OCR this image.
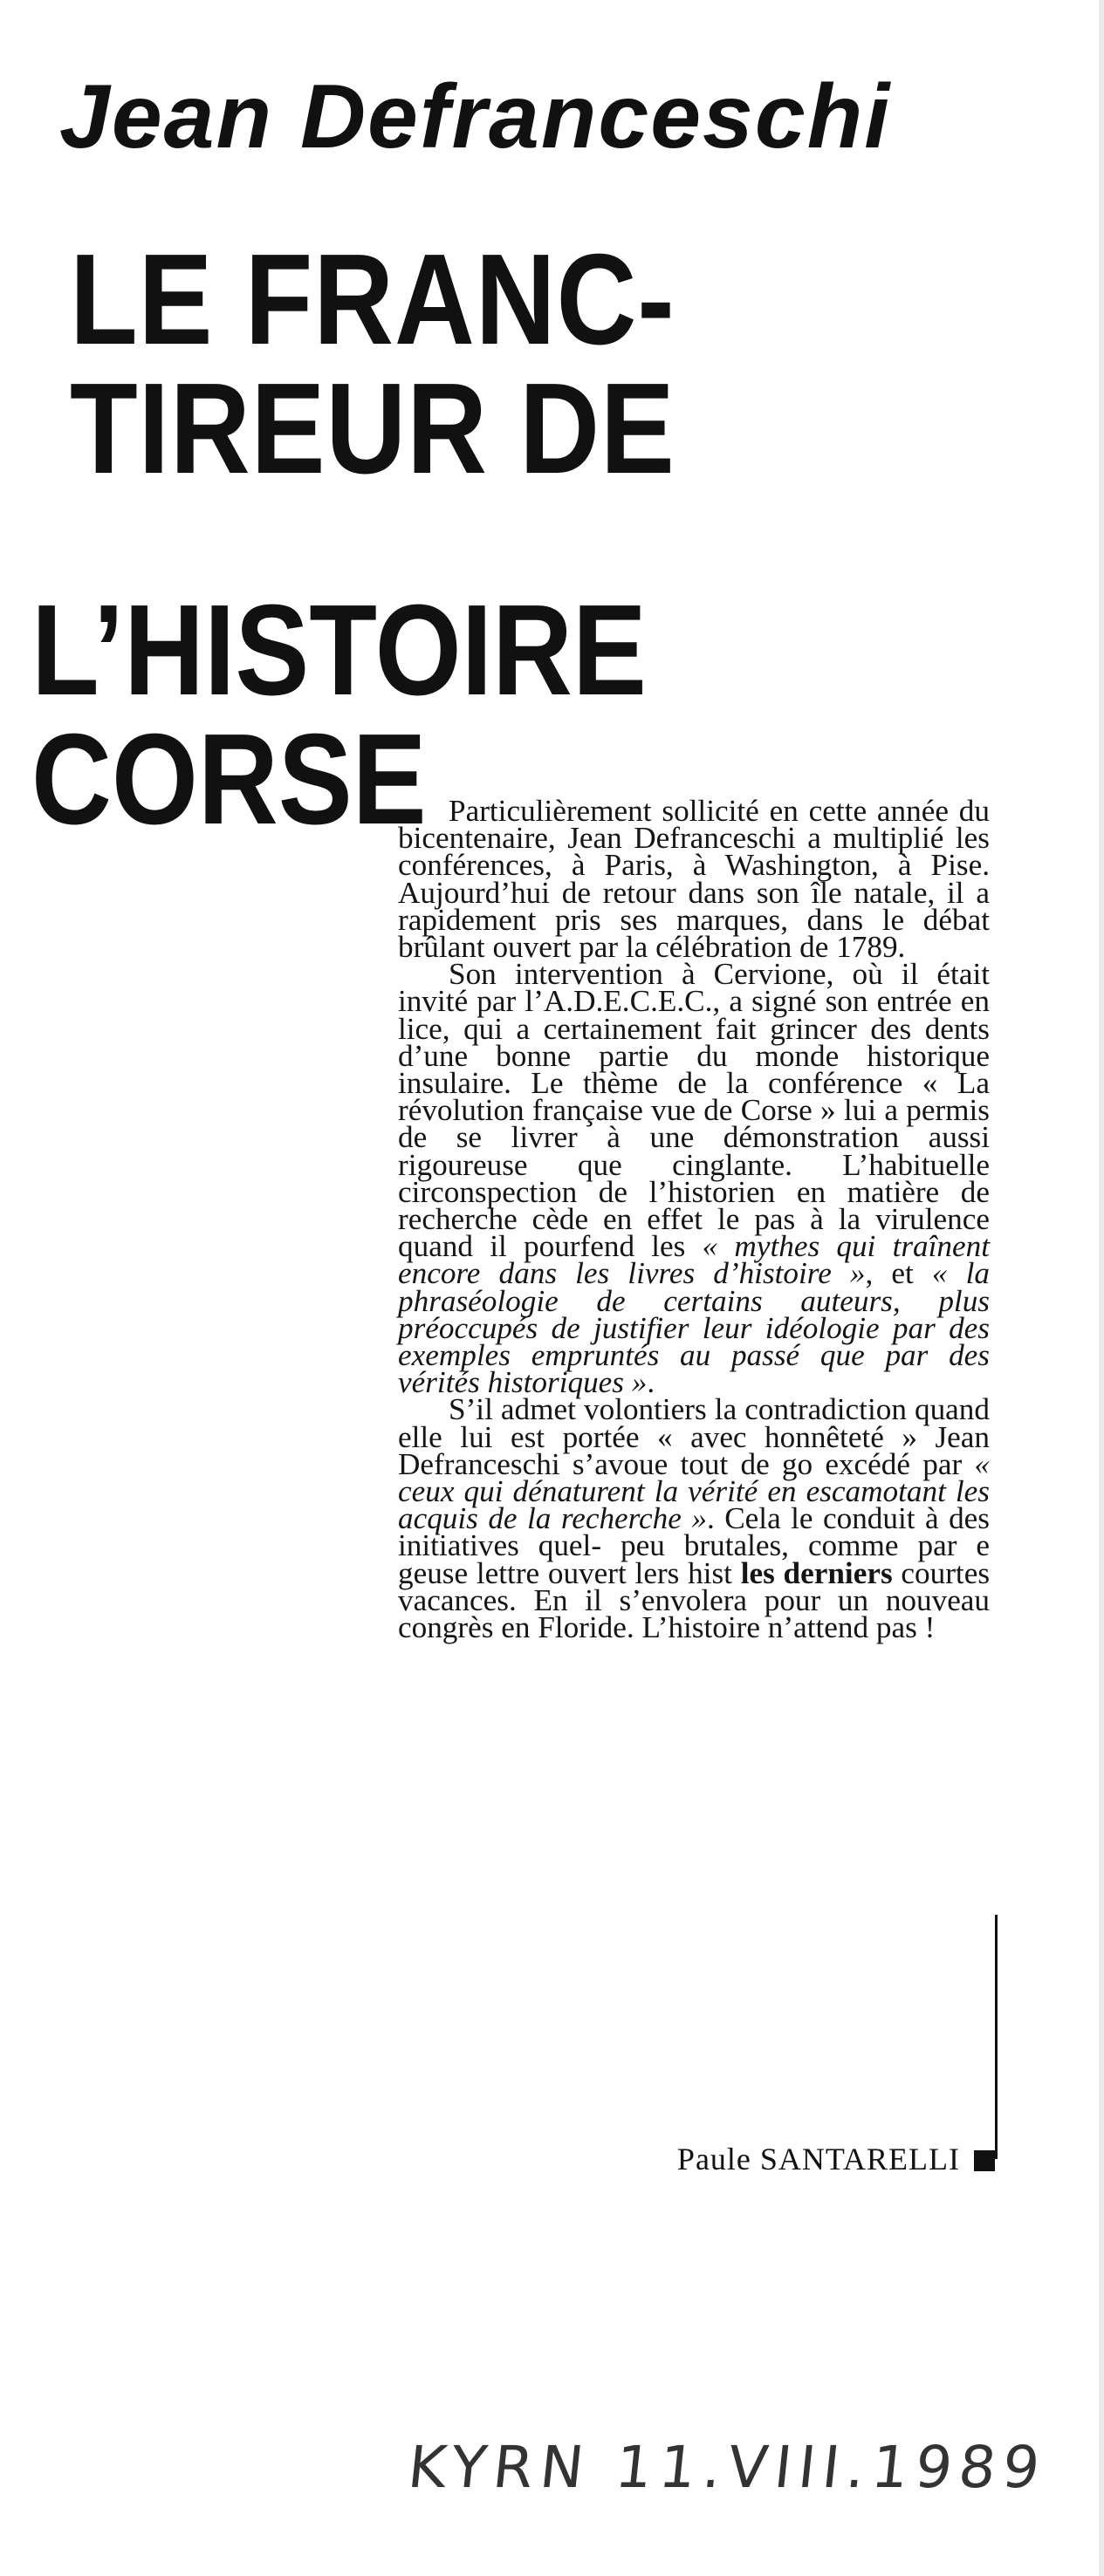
Jean Defranceschi
LE FRANC-TIREUR DE
L’HISTOIRE CORSE Particulièrement sollicité en cette année du bicentenaire, Jean Defranceschi a multiplié les conférences, à Paris, à Washington, à Pise. Aujourd’hui de retour dans son île natale, il a rapidement pris ses marques, dans le débat brûlant ouvert par la célébration de 1789.

Son intervention à Cervione, où il était invité par l’A.D.E.C.E.C., a signé son entrée en lice, qui a certainement fait grincer des dents d’une bonne partie du monde historique insulaire. Le thème de la conférence « La révolution française vue de Corse » lui a permis de se livrer à une démonstration aussi rigoureuse que cinglante. L’habituelle circonspection de l’historien en matière de recherche cède en effet le pas à la virulence quand il pourfend les « mythes qui traînent encore dans les livres d’histoire », et « la phraséologie de certains auteurs, plus préoccupés de justifier leur idéologie par des exemples empruntés au passé que par des vérités historiques ».

S’il admet volontiers la contradiction quand elle lui est portée « avec honnêteté » Jean Defranceschi s’avoue tout de go excédé par « ceux qui dénaturent la vérité en escamotant les acquis de la recherche ». Cela le conduit à des initiatives quel- peu brutales, comme par e geuse lettre ouvert lers hist les derniers courtes vacances. En il s’envolera pour un nouveau congrès en Floride. L’histoire n’attend pas !

Paule SANTARELLI
KYRN 11.VIII.1989
